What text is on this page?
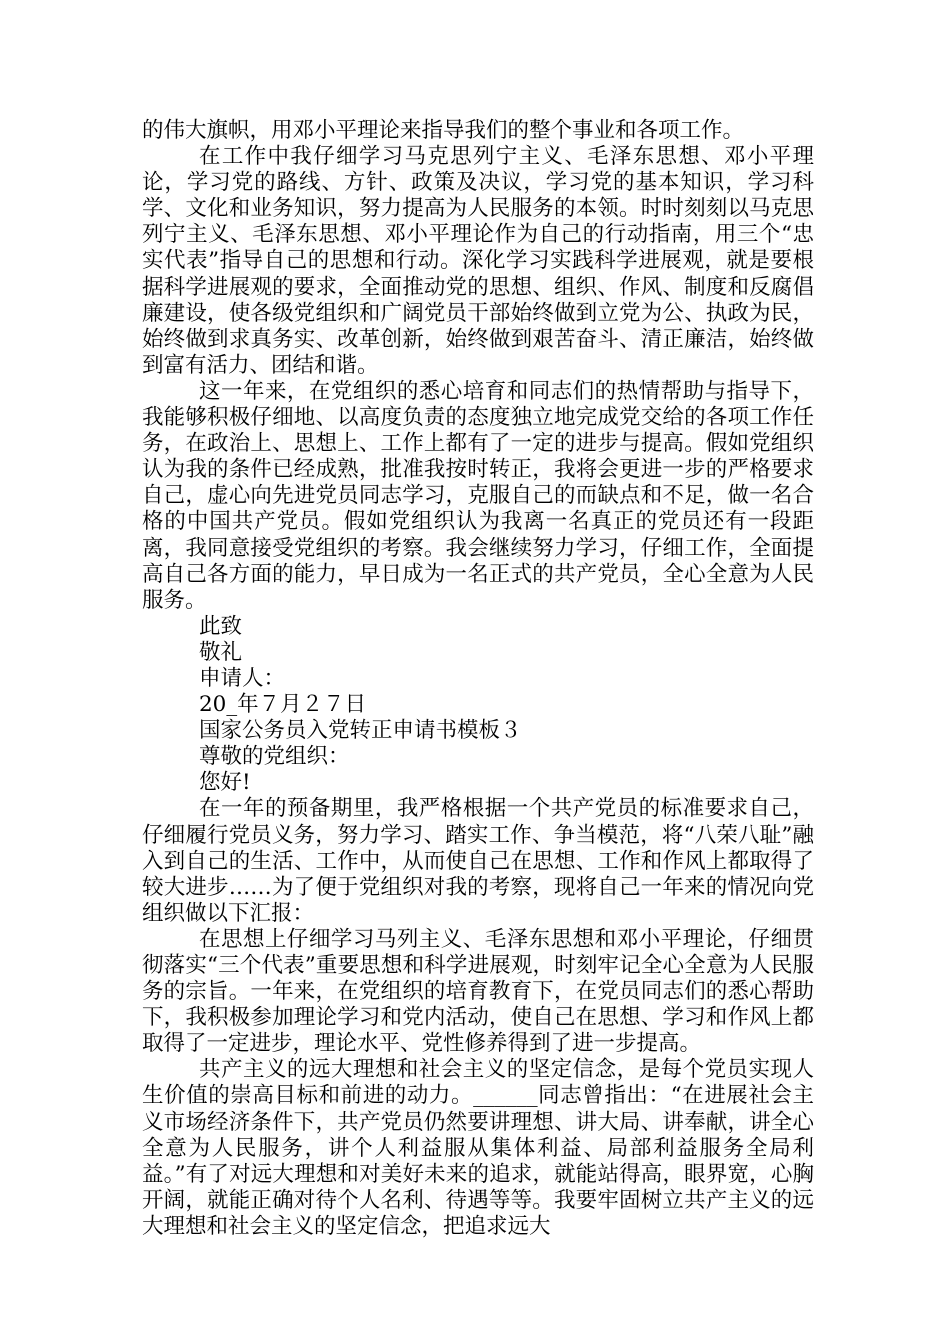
的伟大旗帜，用邓小平理论来指导我们的整个事业和各项工作。

在工作中我仔细学习马克思列宁主义、毛泽东思想、邓小平理论，学习党的路线、方针、政策及决议，学习党的基本知识，学习科学、文化和业务知识，努力提高为人民服务的本领。时时刻刻以马克思列宁主义、毛泽东思想、邓小平理论作为自己的行动指南，用三个“忠实代表”指导自己的思想和行动。深化学习实践科学进展观，就是要根据科学进展观的要求，全面推动党的思想、组织、作风、制度和反腐倡廉建设，使各级党组织和广阔党员干部始终做到立党为公、执政为民，始终做到求真务实、改革创新，始终做到艰苦奋斗、清正廉洁，始终做到富有活力、团结和谐。

这一年来，在党组织的悉心培育和同志们的热情帮助与指导下，我能够积极仔细地、以高度负责的态度独立地完成党交给的各项工作任务，在政治上、思想上、工作上都有了一定的进步与提高。假如党组织认为我的条件已经成熟，批准我按时转正，我将会更进一步的严格要求自己，虚心向先进党员同志学习，克服自己的而缺点和不足，做一名合格的中国共产党员。假如党组织认为我离一名真正的党员还有一段距离，我同意接受党组织的考察。我会继续努力学习，仔细工作，全面提高自己各方面的能力，早日成为一名正式的共产党员，全心全意为人民服务。

此致

敬礼

申请人：

20_年７月２７日

国家公务员入党转正申请书模板３

尊敬的党组织：

您好!

在一年的预备期里，我严格根据一个共产党员的标准要求自己，仔细履行党员义务，努力学习、踏实工作、争当模范，将“八荣八耻”融入到自己的生活、工作中，从而使自己在思想、工作和作风上都取得了较大进步……为了便于党组织对我的考察，现将自己一年来的情况向党组织做以下汇报：

在思想上仔细学习马列主义、毛泽东思想和邓小平理论，仔细贯彻落实“三个代表”重要思想和科学进展观，时刻牢记全心全意为人民服务的宗旨。一年来，在党组织的培育教育下，在党员同志们的悉心帮助下，我积极参加理论学习和党内活动，使自己在思想、学习和作风上都取得了一定进步，理论水平、党性修养得到了进一步提高。

共产主义的远大理想和社会主义的坚定信念，是每个党员实现人生价值的崇高目标和前进的动力。______同志曾指出：“在进展社会主义市场经济条件下，共产党员仍然要讲理想、讲大局、讲奉献，讲全心全意为人民服务，讲个人利益服从集体利益、局部利益服务全局利益。”有了对远大理想和对美好未来的追求，就能站得高，眼界宽，心胸开阔，就能正确对待个人名利、待遇等等。我要牢固树立共产主义的远大理想和社会主义的坚定信念，把追求远大
